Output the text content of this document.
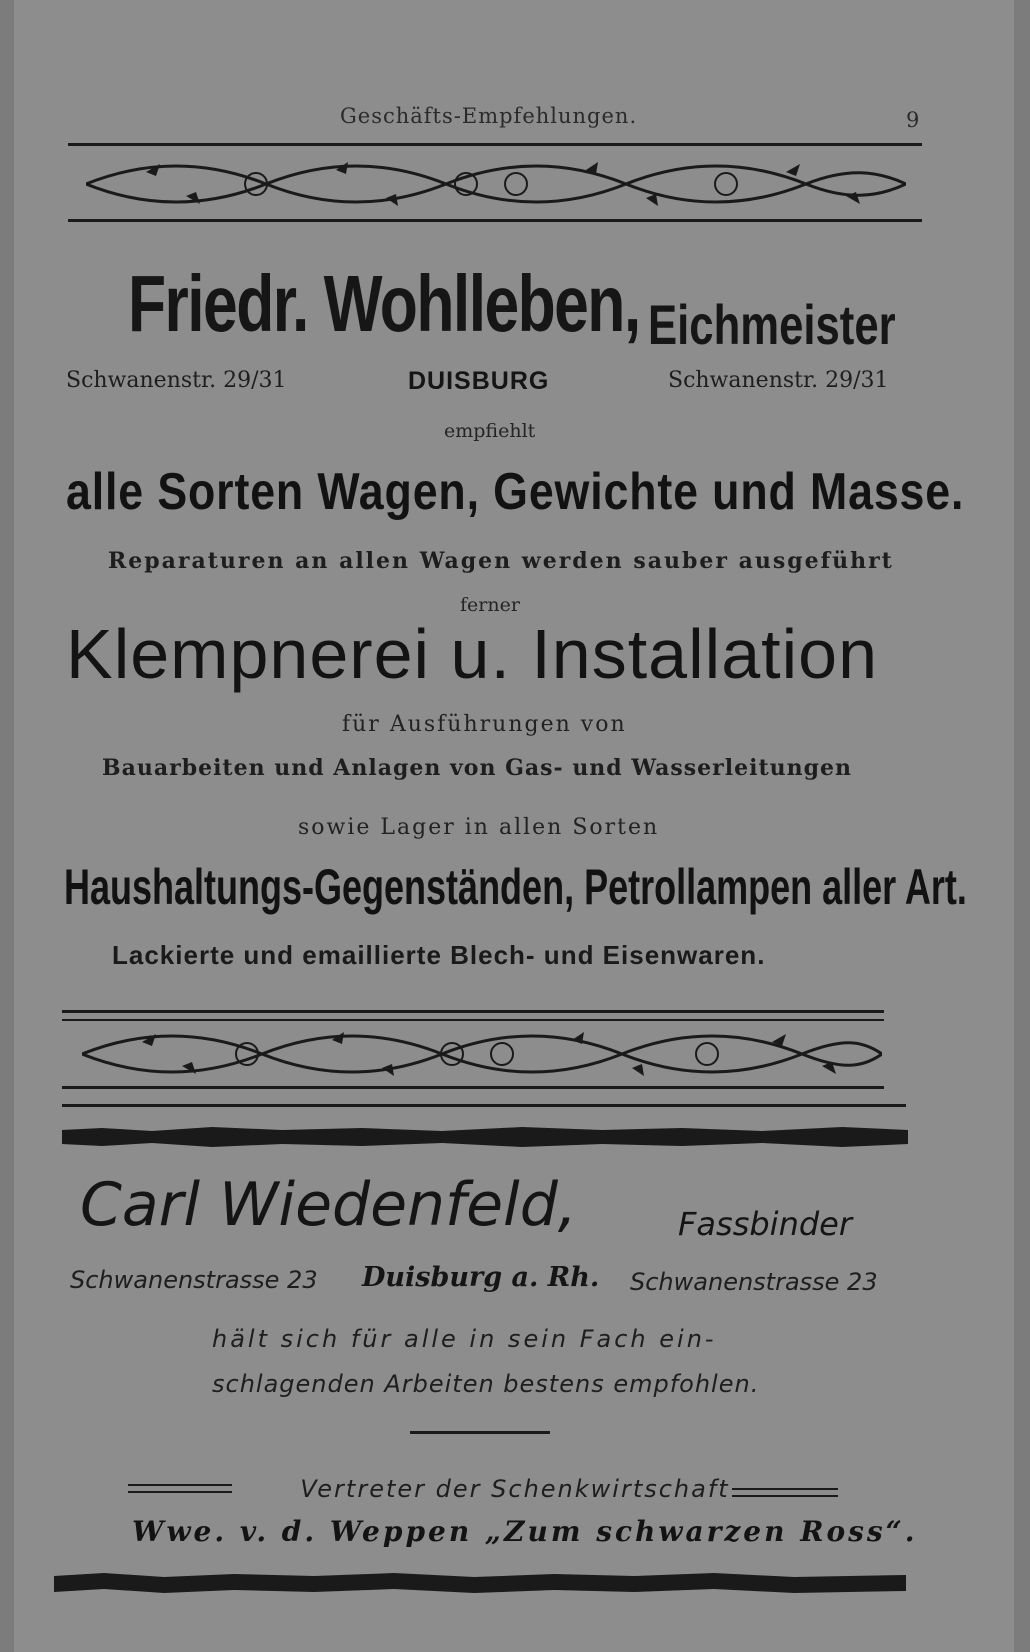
Geschäfts-Empfehlungen.	9
Friedr. Wohlleben, Eichmeister
Schwanenstr. 29/31	DUISBURG	Schwanenstr. 29/31
empfiehlt
alle Sorten Wagen, Gewichte und Masse.
Reparaturen an allen Wagen werden sauber ausgeführt
ferner
Klempnerei u. Installation
für Ausführungen von
Bauarbeiten und Anlagen von Gas- und Wasserleitungen
sowie Lager in allen Sorten
Haushaltungs-Gegenständen, Petrollampen aller Art.
Lackierte und emaillierte Blech- und Eisenwaren.
Carl Wiedenfeld,	Fassbinder
Schwanenstrasse 23 Duisburg a. Rh. Schwanenstrasse 23
hält sich für alle in sein Fach ein-
schlagenden Arbeiten bestens empfohlen.
Vertreter der Schenkwirtschaft
Wwe. v. d. Weppen „Zum schwarzen Ross“.
